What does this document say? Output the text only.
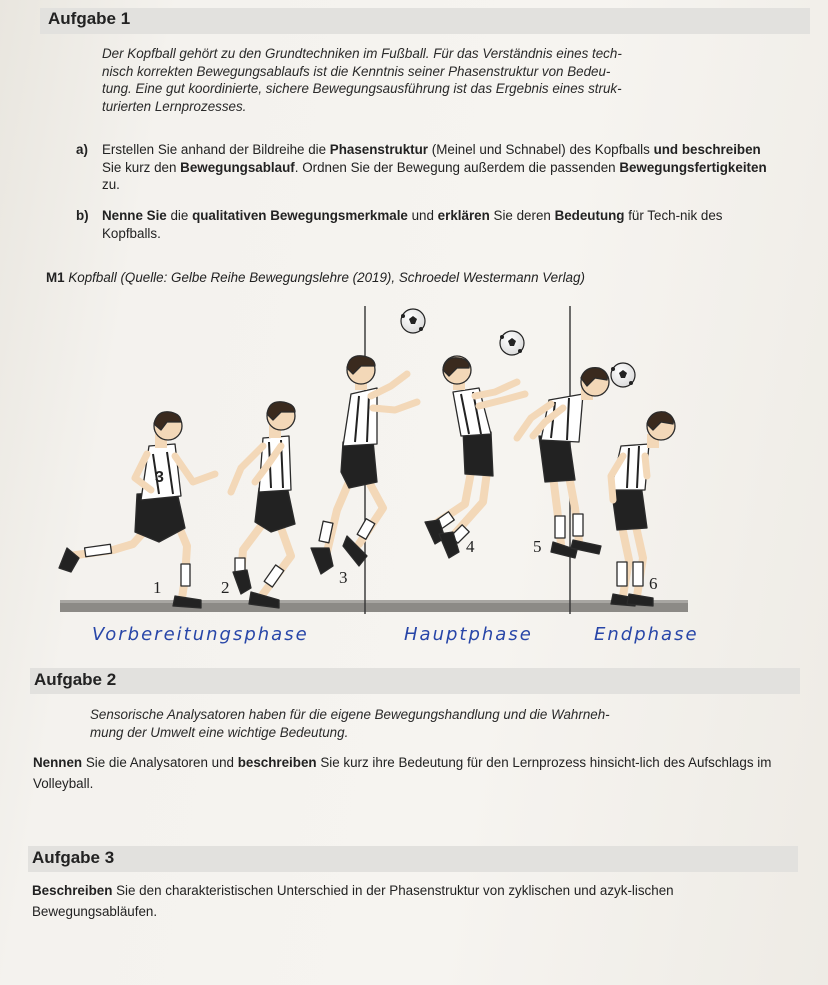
Aufgabe 1
Der Kopfball gehört zu den Grundtechniken im Fußball. Für das Verständnis eines tech-
nisch korrekten Bewegungsablaufs ist die Kenntnis seiner Phasenstruktur von Bedeu-
tung. Eine gut koordinierte, sichere Bewegungsausführung ist das Ergebnis eines struk-
turierten Lernprozesses.
a) Erstellen Sie anhand der Bildreihe die Phasenstruktur (Meinel und Schnabel) des Kopfballs und beschreiben Sie kurz den Bewegungsablauf. Ordnen Sie der Bewegung außerdem die passenden Bewegungsfertigkeiten zu.
b) Nenne Sie die qualitativen Bewegungsmerkmale und erklären Sie deren Bedeutung für Tech-nik des Kopfballs.
M1 Kopfball (Quelle: Gelbe Reihe Bewegungslehre (2019), Schroedel Westermann Verlag)
3
1	2
3
4	5
6
Vorbereitungsphase	Hauptphase	Endphase
Aufgabe 2
Sensorische Analysatoren haben für die eigene Bewegungshandlung und die Wahrneh-
mung der Umwelt eine wichtige Bedeutung.
Nennen Sie die Analysatoren und beschreiben Sie kurz ihre Bedeutung für den Lernprozess hinsicht-lich des Aufschlags im Volleyball.
Aufgabe 3
Beschreiben Sie den charakteristischen Unterschied in der Phasenstruktur von zyklischen und azyk-lischen Bewegungsabläufen.
